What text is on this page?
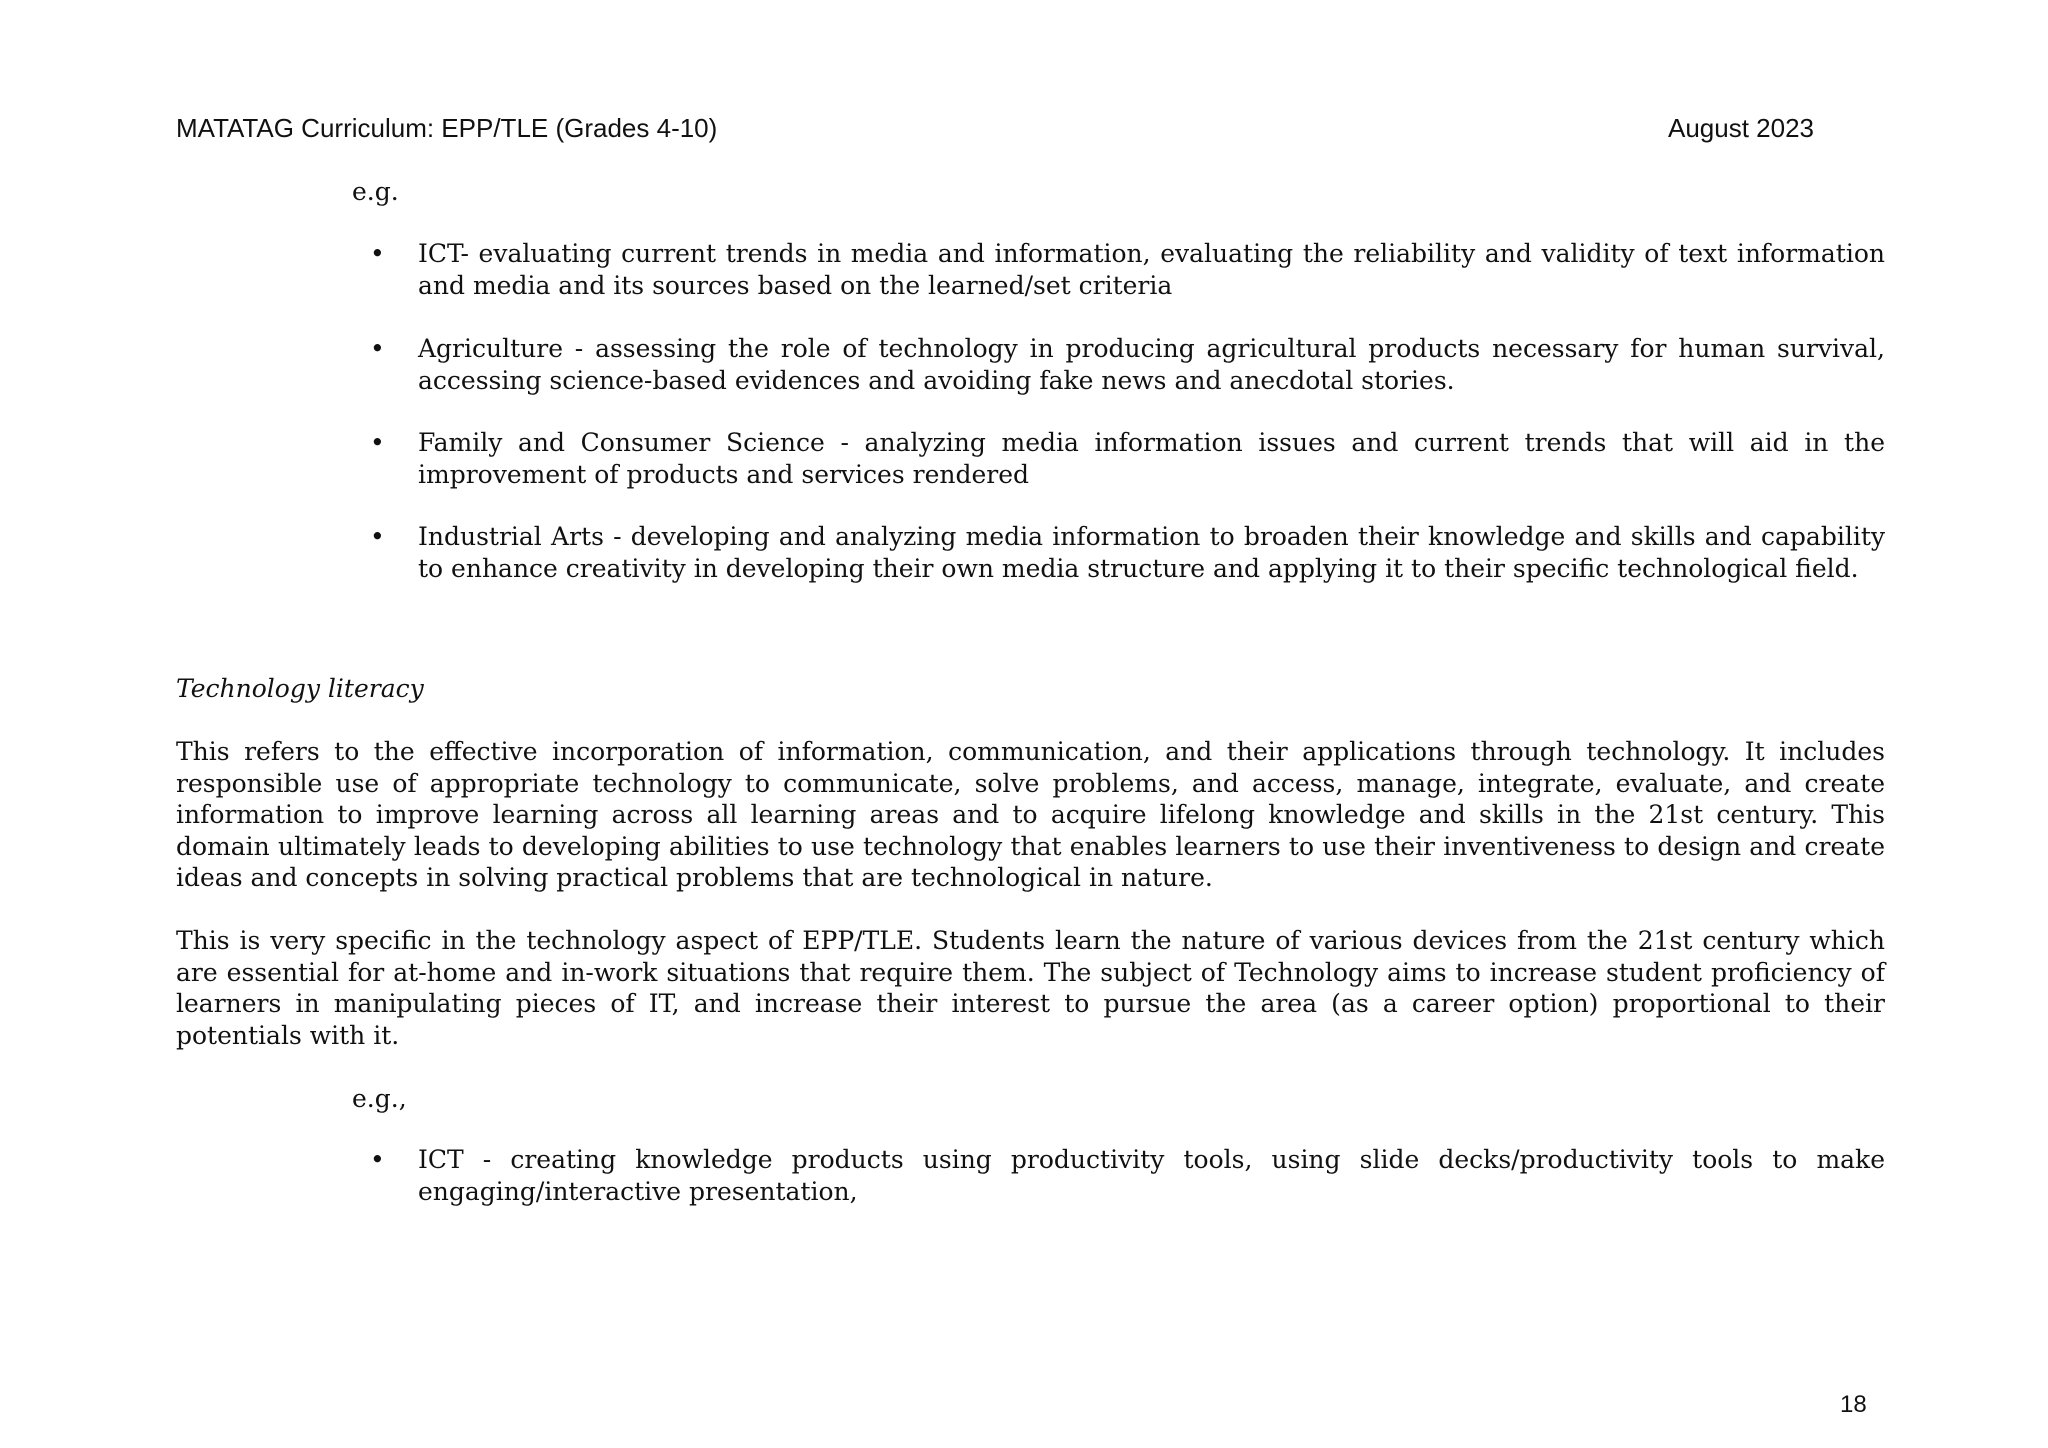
MATATAG Curriculum: EPP/TLE (Grades 4-10)	August 2023
e.g.
•	ICT- evaluating current trends in media and information, evaluating the reliability and validity of text information and media and its sources based on the learned/set criteria
•	Agriculture - assessing the role of technology in producing agricultural products necessary for human survival, accessing science-based evidences and avoiding fake news and anecdotal stories.
•	Family and Consumer Science - analyzing media information issues and current trends that will aid in the improvement of products and services rendered
•	Industrial Arts - developing and analyzing media information to broaden their knowledge and skills and capability to enhance creativity in developing their own media structure and applying it to their specific technological field.
Technology literacy
This refers to the effective incorporation of information, communication, and their applications through technology. It includes responsible use of appropriate technology to communicate, solve problems, and access, manage, integrate, evaluate, and create information to improve learning across all learning areas and to acquire lifelong knowledge and skills in the 21st century. This domain ultimately leads to developing abilities to use technology that enables learners to use their inventiveness to design and create ideas and concepts in solving practical problems that are technological in nature.
This is very specific in the technology aspect of EPP/TLE. Students learn the nature of various devices from the 21st century which are essential for at-home and in-work situations that require them. The subject of Technology aims to increase student proficiency of learners in manipulating pieces of IT, and increase their interest to pursue the area (as a career option) proportional to their potentials with it.
e.g.,
•	ICT - creating knowledge products using productivity tools, using slide decks/productivity tools to make engaging/interactive presentation,
18
